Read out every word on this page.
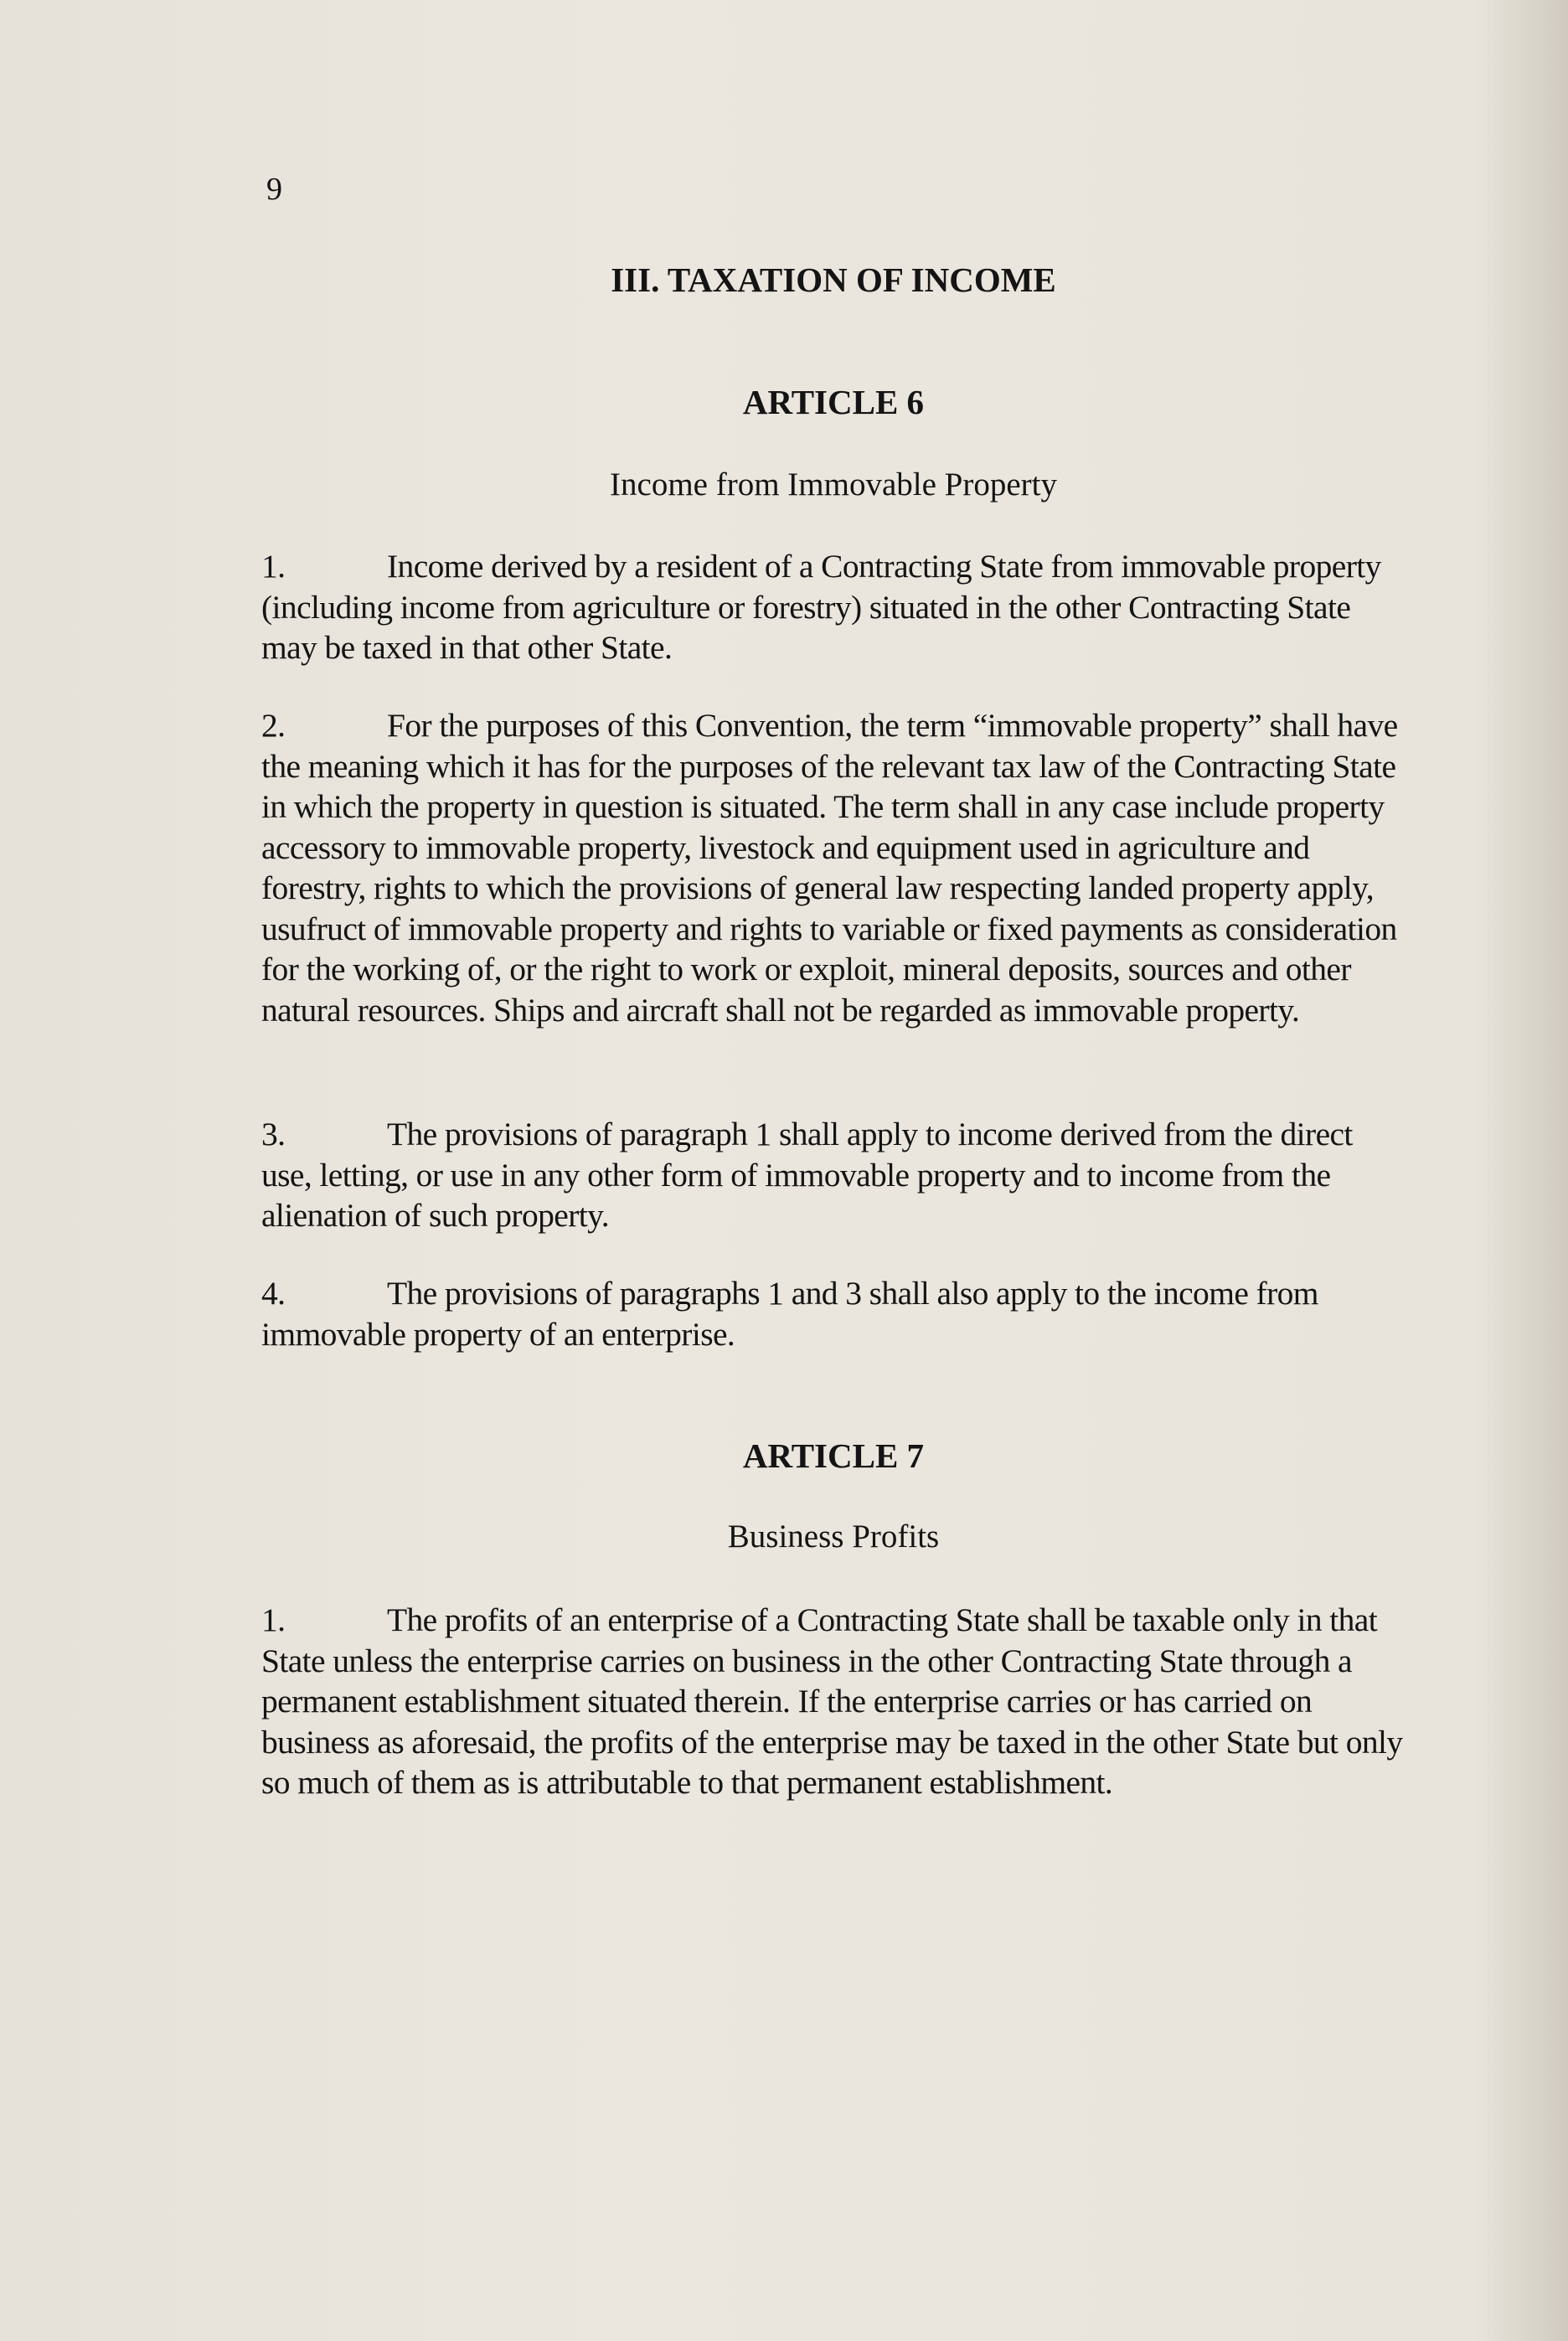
9
III. TAXATION OF INCOME
ARTICLE 6
Income from Immovable Property
1.	Income derived by a resident of a Contracting State from immovable property (including income from agriculture or forestry) situated in the other Contracting State may be taxed in that other State.
2.	For the purposes of this Convention, the term “immovable property” shall have the meaning which it has for the purposes of the relevant tax law of the Contracting State in which the property in question is situated. The term shall in any case include property accessory to immovable property, livestock and equipment used in agriculture and forestry, rights to which the provisions of general law respecting landed property apply, usufruct of immovable property and rights to variable or fixed payments as consideration for the working of, or the right to work or exploit, mineral deposits, sources and other natural resources. Ships and aircraft shall not be regarded as immovable property.
3.	The provisions of paragraph 1 shall apply to income derived from the direct use, letting, or use in any other form of immovable property and to income from the alienation of such property.
4.	The provisions of paragraphs 1 and 3 shall also apply to the income from immovable property of an enterprise.
ARTICLE 7
Business Profits
1.	The profits of an enterprise of a Contracting State shall be taxable only in that State unless the enterprise carries on business in the other Contracting State through a permanent establishment situated therein. If the enterprise carries or has carried on business as aforesaid, the profits of the enterprise may be taxed in the other State but only so much of them as is attributable to that permanent establishment.
